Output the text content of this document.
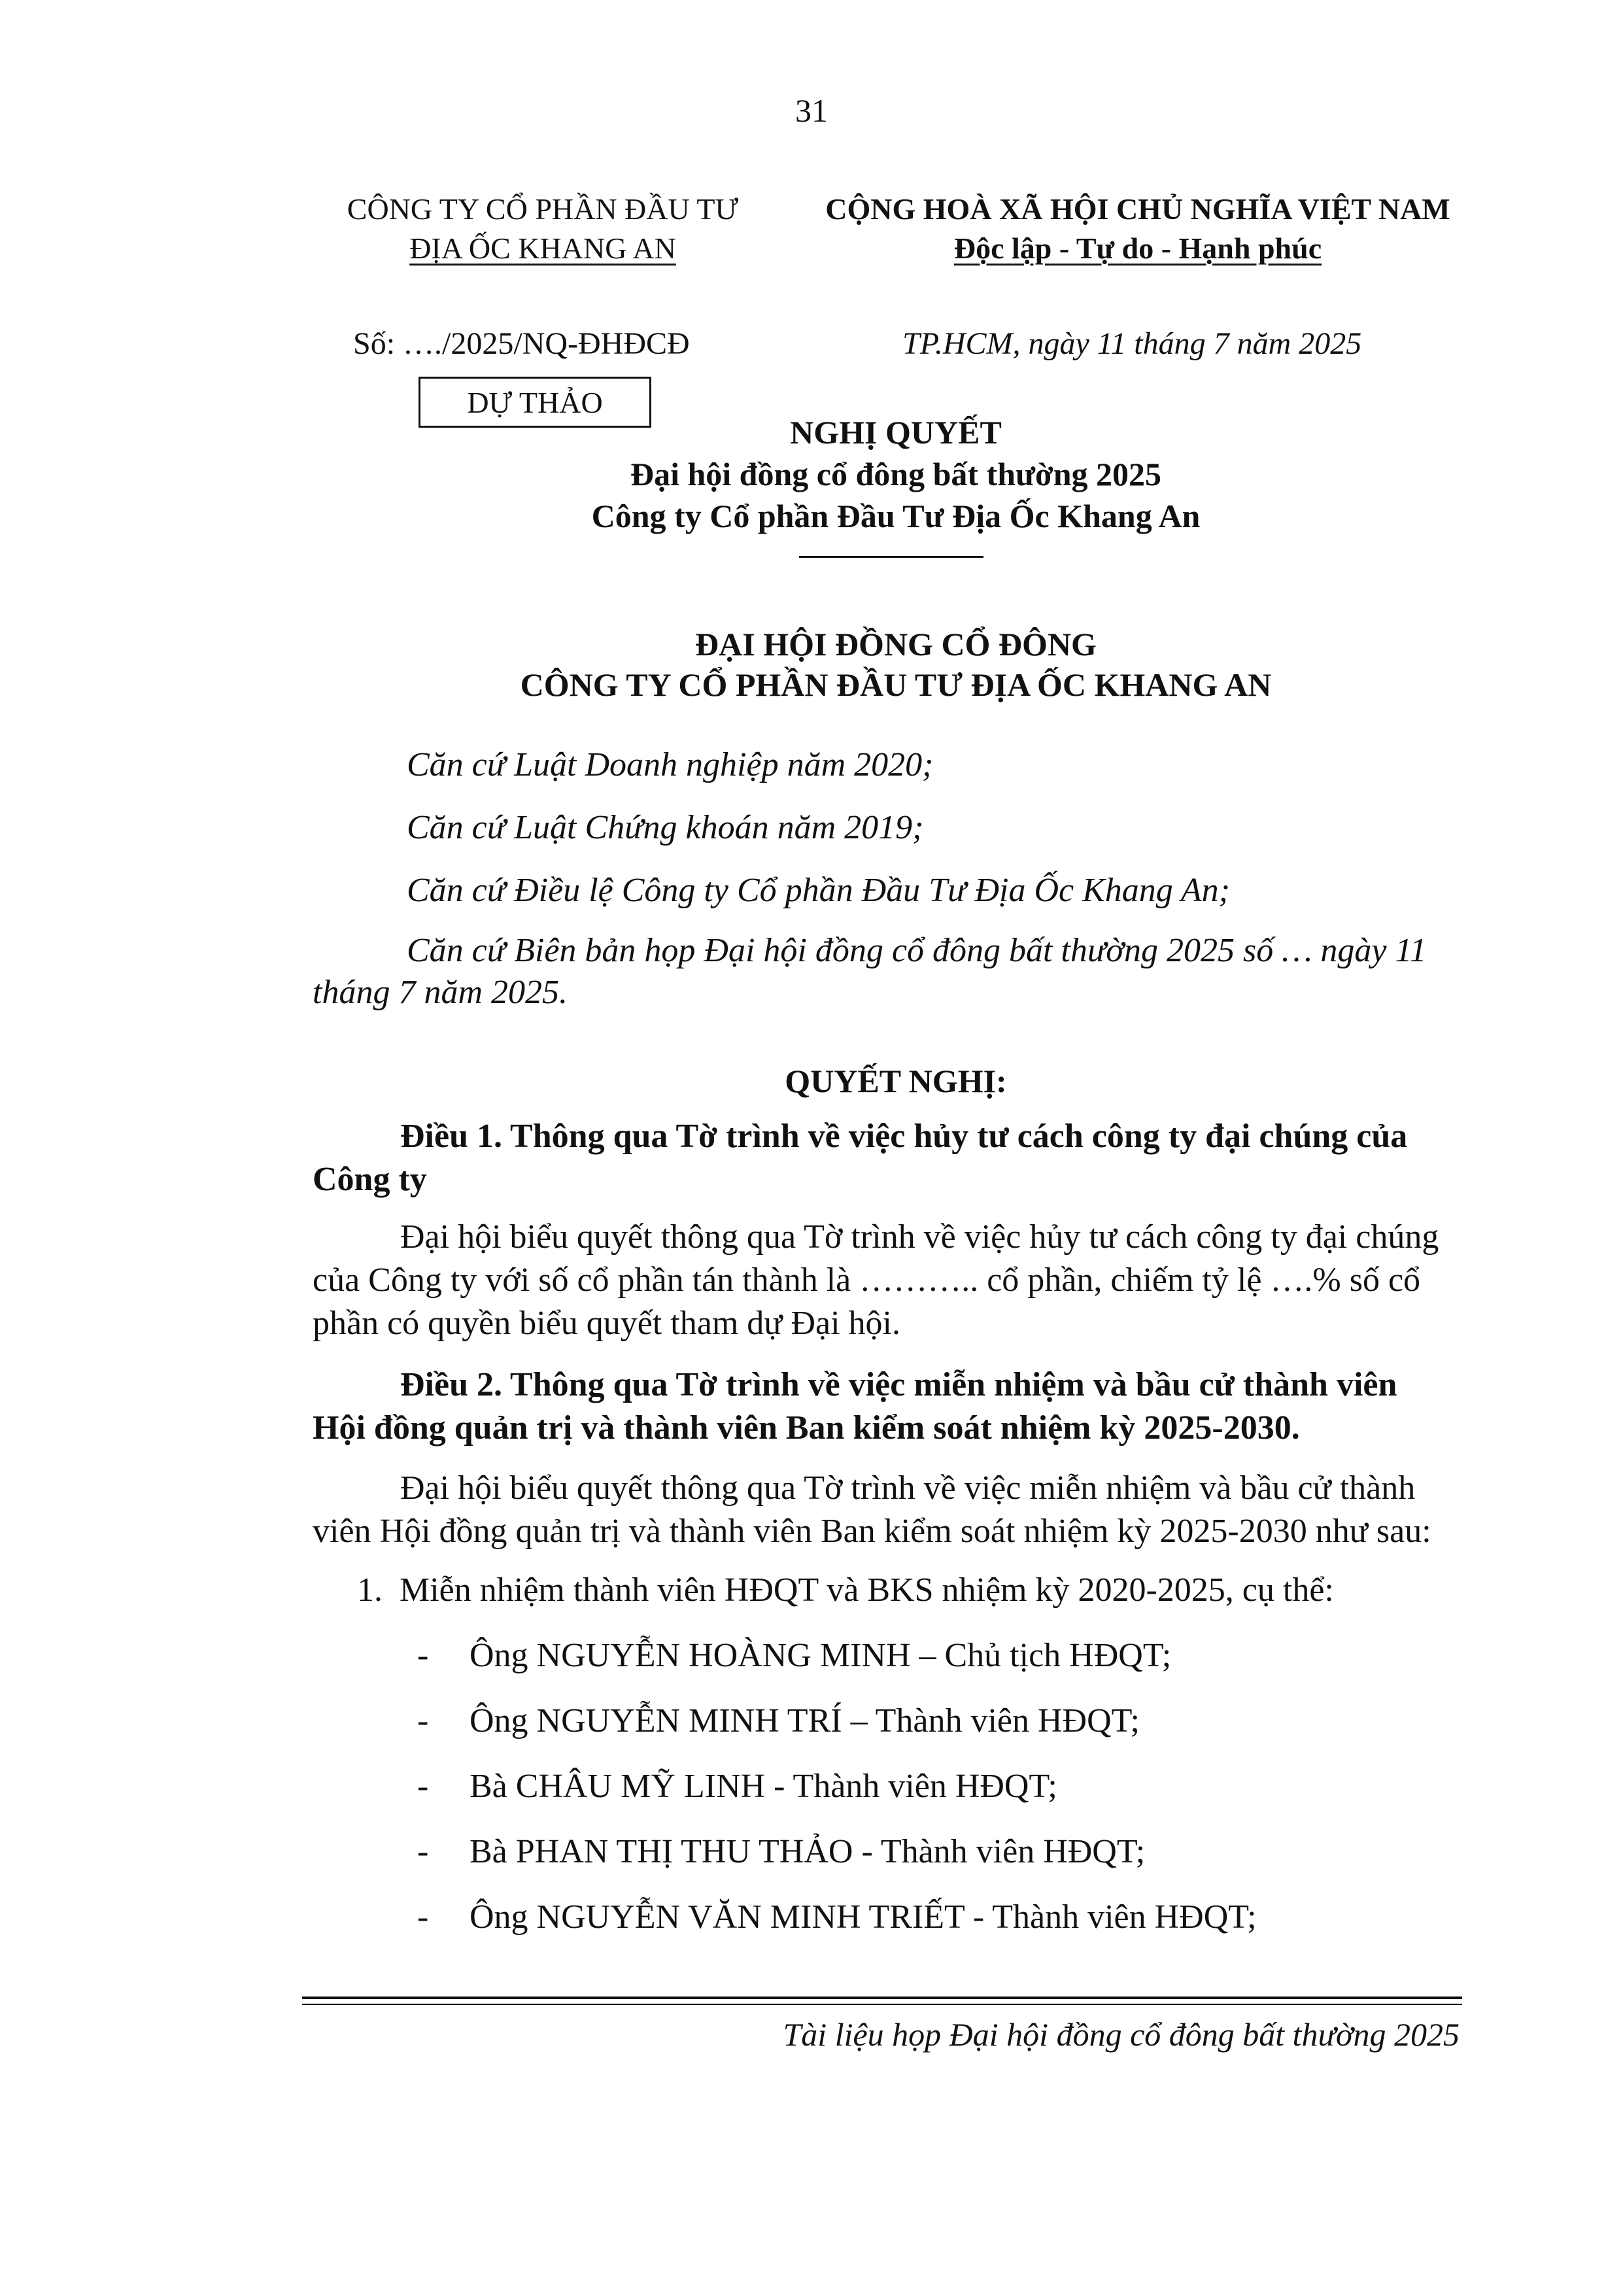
31
CÔNG TY CỔ PHẦN ĐẦU TƯ
ĐỊA ỐC KHANG AN
CỘNG HOÀ XÃ HỘI CHỦ NGHĨA VIỆT NAM
Độc lập - Tự do - Hạnh phúc
Số: …./2025/NQ-ĐHĐCĐ	TP.HCM, ngày 11 tháng 7 năm 2025
DỰ THẢO
NGHỊ QUYẾT
Đại hội đồng cổ đông bất thường 2025
Công ty Cổ phần Đầu Tư Địa Ốc Khang An
ĐẠI HỘI ĐỒNG CỔ ĐÔNG
CÔNG TY CỔ PHẦN ĐẦU TƯ ĐỊA ỐC KHANG AN
Căn cứ Luật Doanh nghiệp năm 2020;
Căn cứ Luật Chứng khoán năm 2019;
Căn cứ Điều lệ Công ty Cổ phần Đầu Tư Địa Ốc Khang An;
Căn cứ Biên bản họp Đại hội đồng cổ đông bất thường 2025 số … ngày 11
tháng 7 năm 2025.
QUYẾT NGHỊ:
Điều 1. Thông qua Tờ trình về việc hủy tư cách công ty đại chúng của
Công ty
Đại hội biểu quyết thông qua Tờ trình về việc hủy tư cách công ty đại chúng
của Công ty với số cổ phần tán thành là ……….. cổ phần, chiếm tỷ lệ ….% số cổ
phần có quyền biểu quyết tham dự Đại hội.
Điều 2. Thông qua Tờ trình về việc miễn nhiệm và bầu cử thành viên
Hội đồng quản trị và thành viên Ban kiểm soát nhiệm kỳ 2025-2030.
Đại hội biểu quyết thông qua Tờ trình về việc miễn nhiệm và bầu cử thành
viên Hội đồng quản trị và thành viên Ban kiểm soát nhiệm kỳ 2025-2030 như sau:
1.  Miễn nhiệm thành viên HĐQT và BKS nhiệm kỳ 2020-2025, cụ thể:
-	Ông NGUYỄN HOÀNG MINH – Chủ tịch HĐQT;
-	Ông NGUYỄN MINH TRÍ – Thành viên HĐQT;
-	Bà CHÂU MỸ LINH - Thành viên HĐQT;
-	Bà PHAN THỊ THU THẢO - Thành viên HĐQT;
-	Ông NGUYỄN VĂN MINH TRIẾT - Thành viên HĐQT;
Tài liệu họp Đại hội đồng cổ đông bất thường 2025
